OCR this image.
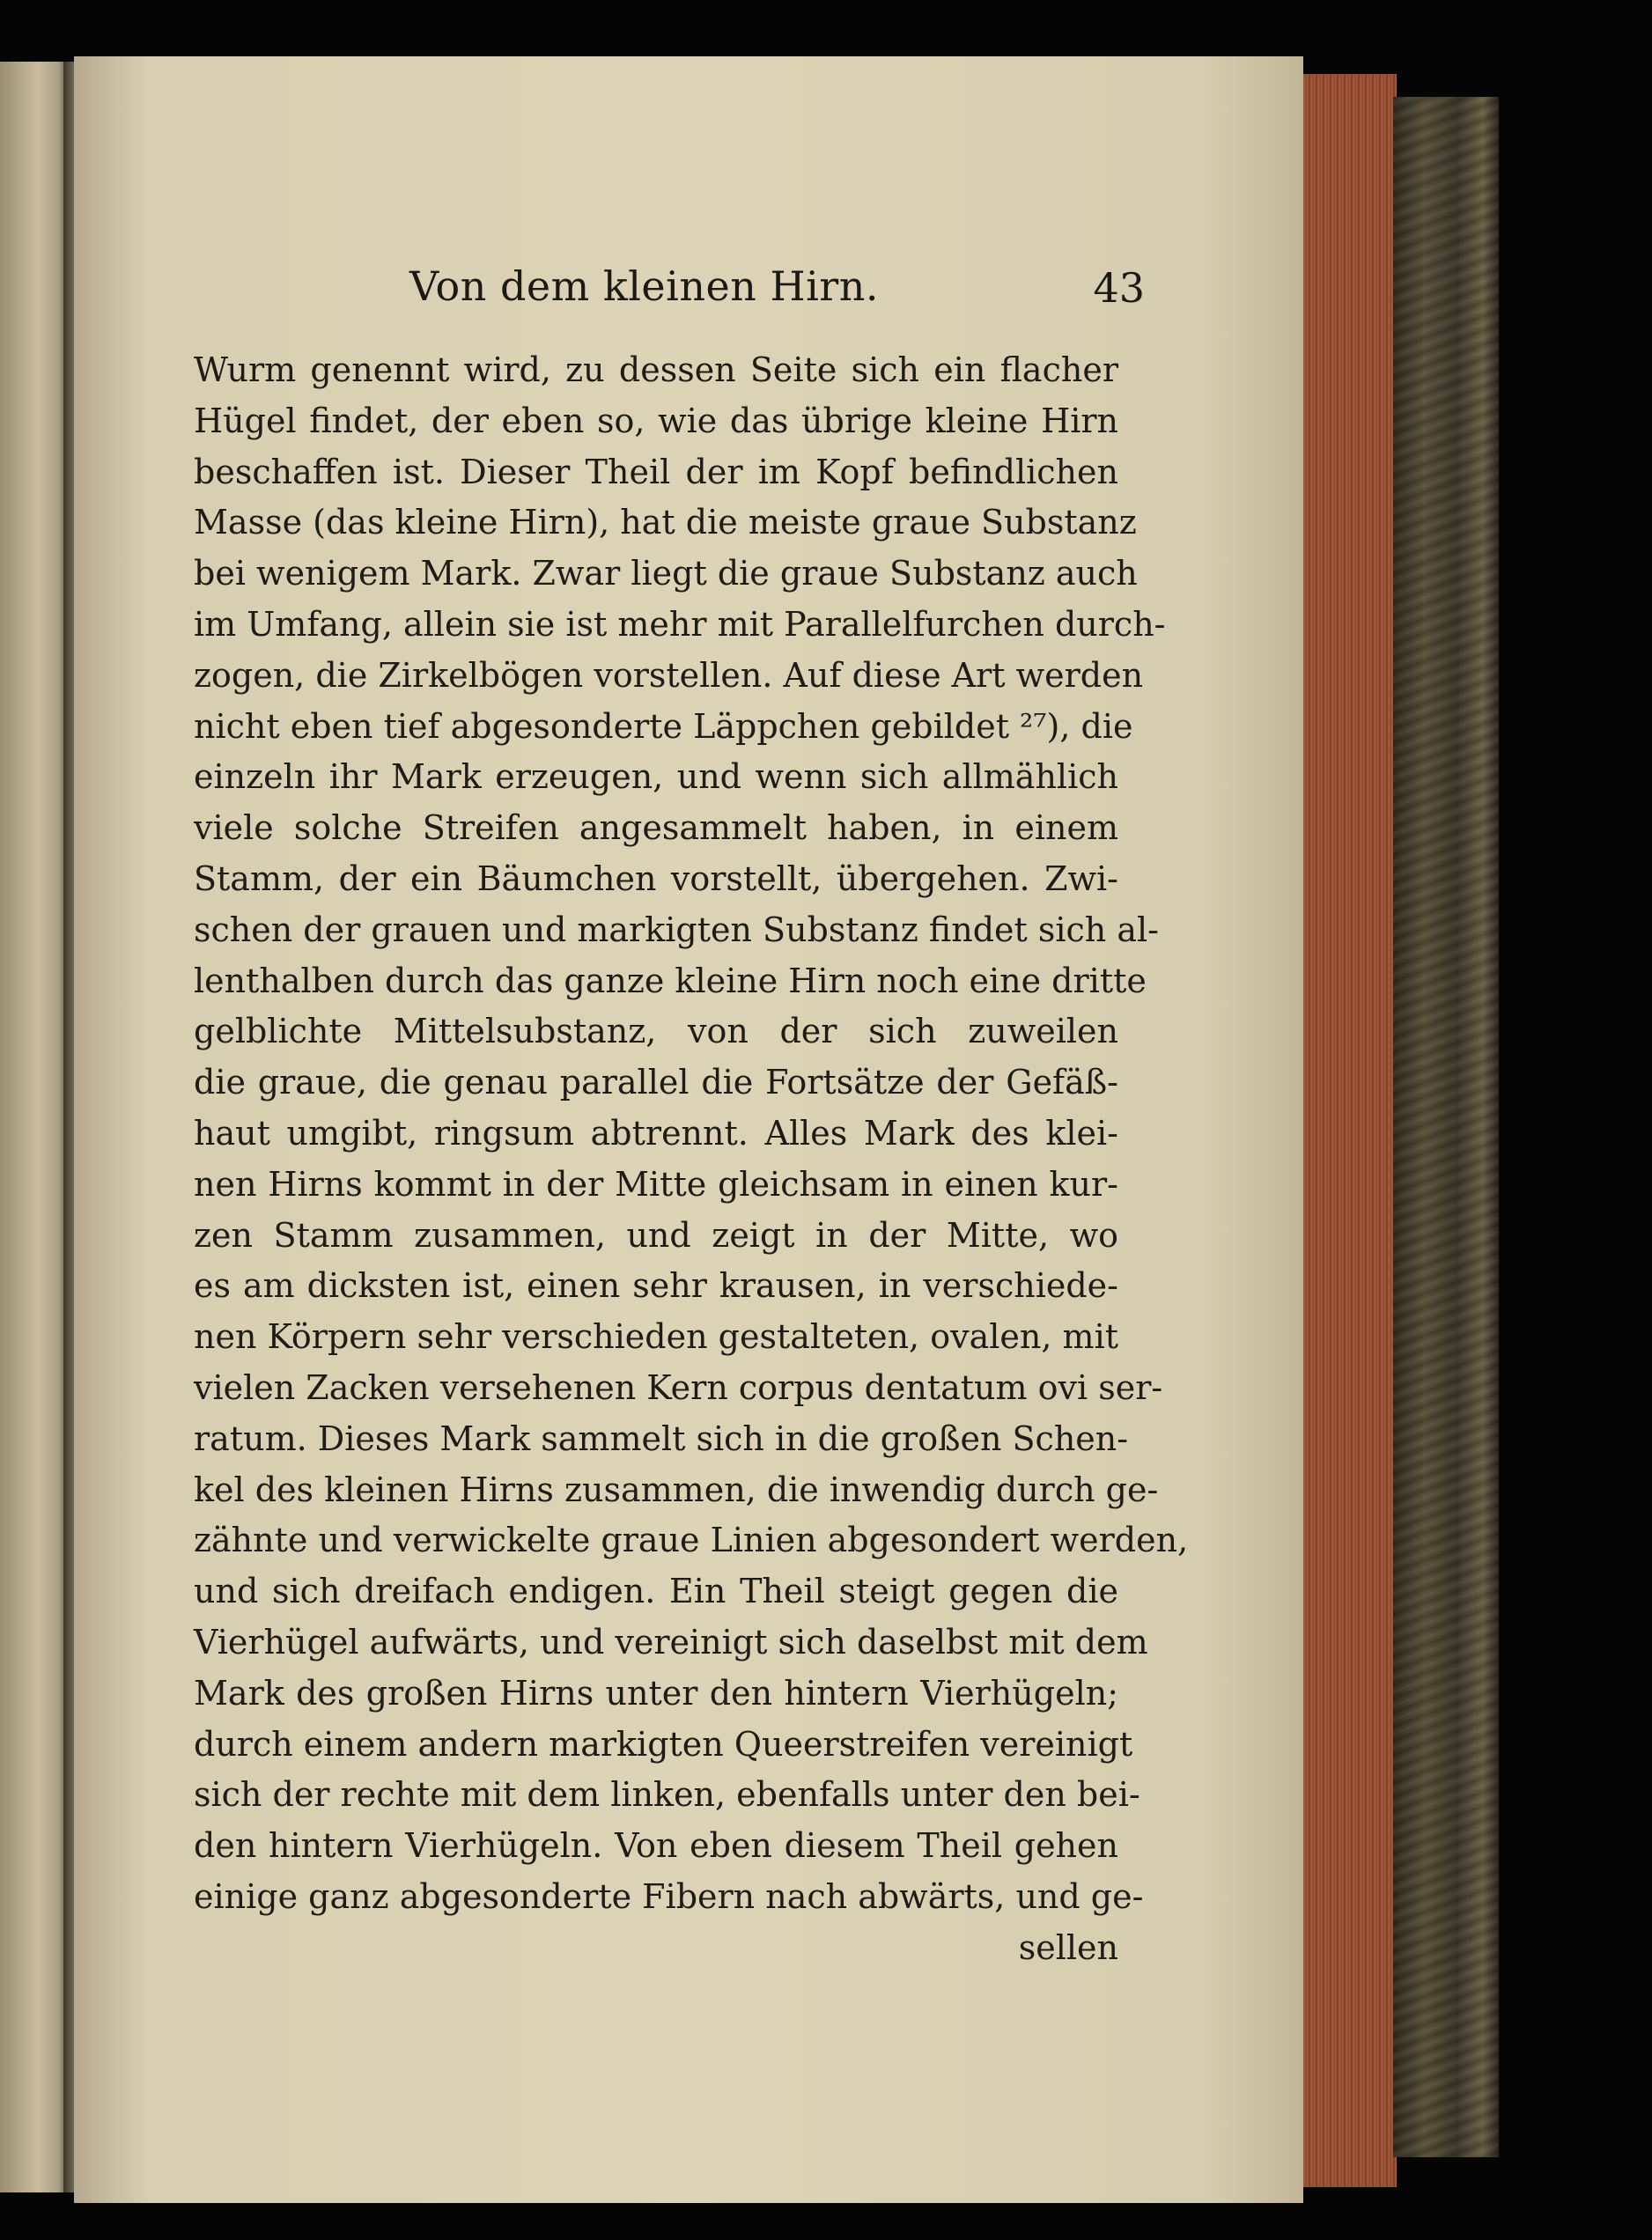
Von dem kleinen Hirn.	43
Wurm genennt wird, zu dessen Seite sich ein flacher
Hügel findet, der eben so, wie das übrige kleine Hirn
beschaffen ist. Dieser Theil der im Kopf befindlichen
Masse (das kleine Hirn), hat die meiste graue Substanz
bei wenigem Mark. Zwar liegt die graue Substanz auch
im Umfang, allein sie ist mehr mit Parallelfurchen durch-
zogen, die Zirkelbögen vorstellen. Auf diese Art werden
nicht eben tief abgesonderte Läppchen gebildet ²⁷), die
einzeln ihr Mark erzeugen, und wenn sich allmählich
viele solche Streifen angesammelt haben, in einem
Stamm, der ein Bäumchen vorstellt, übergehen. Zwi-
schen der grauen und markigten Substanz findet sich al-
lenthalben durch das ganze kleine Hirn noch eine dritte
gelblichte Mittelsubstanz, von der sich zuweilen
die graue, die genau parallel die Fortsätze der Gefäß-
haut umgibt, ringsum abtrennt. Alles Mark des klei-
nen Hirns kommt in der Mitte gleichsam in einen kur-
zen Stamm zusammen, und zeigt in der Mitte, wo
es am dicksten ist, einen sehr krausen, in verschiede-
nen Körpern sehr verschieden gestalteten, ovalen, mit
vielen Zacken versehenen Kern corpus dentatum ovi ser-
ratum. Dieses Mark sammelt sich in die großen Schen-
kel des kleinen Hirns zusammen, die inwendig durch ge-
zähnte und verwickelte graue Linien abgesondert werden,
und sich dreifach endigen. Ein Theil steigt gegen die
Vierhügel aufwärts, und vereinigt sich daselbst mit dem
Mark des großen Hirns unter den hintern Vierhügeln;
durch einem andern markigten Queerstreifen vereinigt
sich der rechte mit dem linken, ebenfalls unter den bei-
den hintern Vierhügeln. Von eben diesem Theil gehen
einige ganz abgesonderte Fibern nach abwärts, und ge-
sellen
